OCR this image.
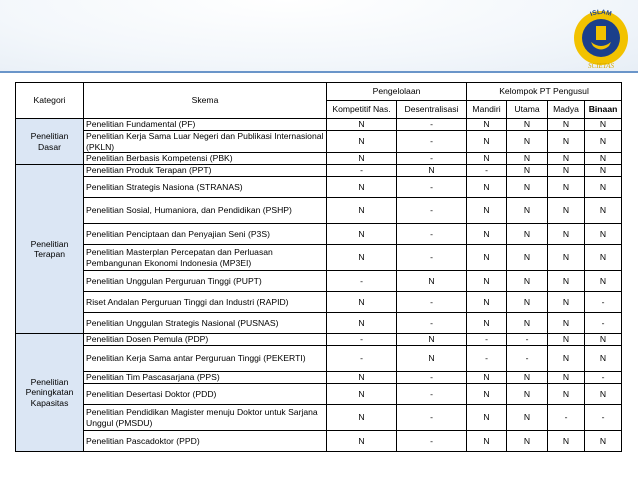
ISLAM
SCIETAS
Kategori	Skema	Pengelolaan		Kelompok PT Pengusul			
		Kompetitif Nas.	Desentralisasi	Mandiri	Utama	Madya	Binaan
Penelitian Dasar	Penelitian Fundamental (PF)	N	-	N	N	N	N
	Penelitian Kerja Sama Luar Negeri dan Publikasi Internasional (PKLN)	N	-	N	N	N	N
	Penelitian Berbasis Kompetensi (PBK)	N	-	N	N	N	N
Penelitian Terapan	Penelitian Produk Terapan (PPT)	-	N	-	N	N	N
	Penelitian Strategis Nasiona (STRANAS)	N	-	N	N	N	N
	Penelitian Sosial, Humaniora, dan Pendidikan (PSHP)	N	-	N	N	N	N
	Penelitian Penciptaan dan Penyajian Seni (P3S)	N	-	N	N	N	N
	Penelitian Masterplan Percepatan dan Perluasan Pembangunan Ekonomi Indonesia (MP3EI)	N	-	N	N	N	N
	Penelitian Unggulan Perguruan Tinggi (PUPT)	-	N	N	N	N	N
	Riset Andalan Perguruan Tinggi dan Industri (RAPID)	N	-	N	N	N	-
	Penelitian Unggulan Strategis Nasional (PUSNAS)	N	-	N	N	N	-
Penelitian Peningkatan Kapasitas	Penelitian Dosen Pemula (PDP)	-	N	-	-	N	N
	Penelitian Kerja Sama antar Perguruan Tinggi (PEKERTI)	-	N	-	-	N	N
	Penelitian Tim Pascasarjana (PPS)	N	-	N	N	N	-
	Penelitian Desertasi Doktor (PDD)	N	-	N	N	N	N
	Penelitian Pendidikan Magister menuju Doktor untuk Sarjana Unggul (PMSDU)	N	-	N	N	-	-
	Penelitian Pascadoktor (PPD)	N	-	N	N	N	N
